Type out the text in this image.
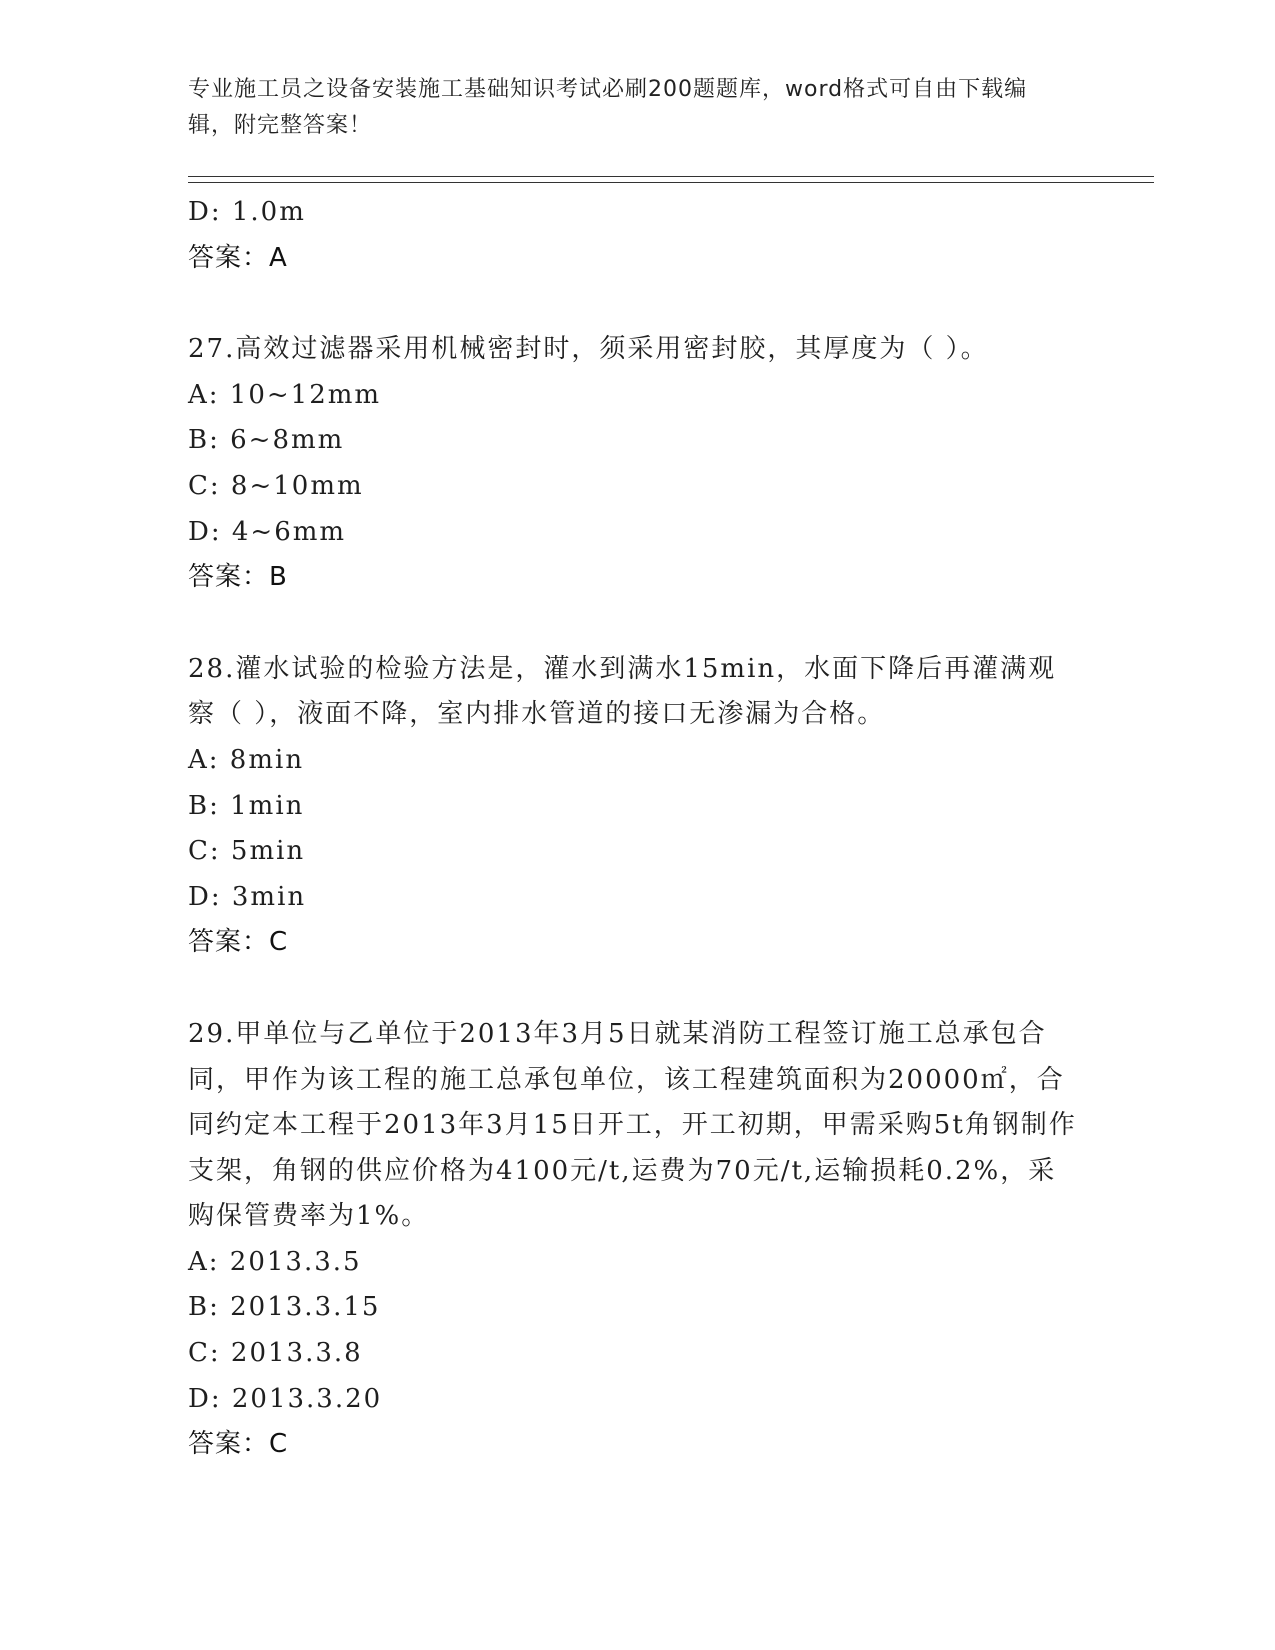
专业施工员之设备安装施工基础知识考试必刷200题题库，word格式可自由下载编辑，附完整答案！
D: 1.0m
答案：A
27.高效过滤器采用机械密封时，须采用密封胶，其厚度为（ ）。
A: 10~12mm
B: 6~8mm
C: 8~10mm
D: 4~6mm
答案：B
28.灌水试验的检验方法是，灌水到满水15min，水面下降后再灌满观察（ ），液面不降，室内排水管道的接口无渗漏为合格。
A: 8min
B: 1min
C: 5min
D: 3min
答案：C
29.甲单位与乙单位于2013年3月5日就某消防工程签订施工总承包合同，甲作为该工程的施工总承包单位，该工程建筑面积为20000㎡，合同约定本工程于2013年3月15日开工，开工初期，甲需采购5t角钢制作支架，角钢的供应价格为4100元/t,运费为70元/t,运输损耗0.2%，采购保管费率为1%。
A: 2013.3.5
B: 2013.3.15
C: 2013.3.8
D: 2013.3.20
答案：C
